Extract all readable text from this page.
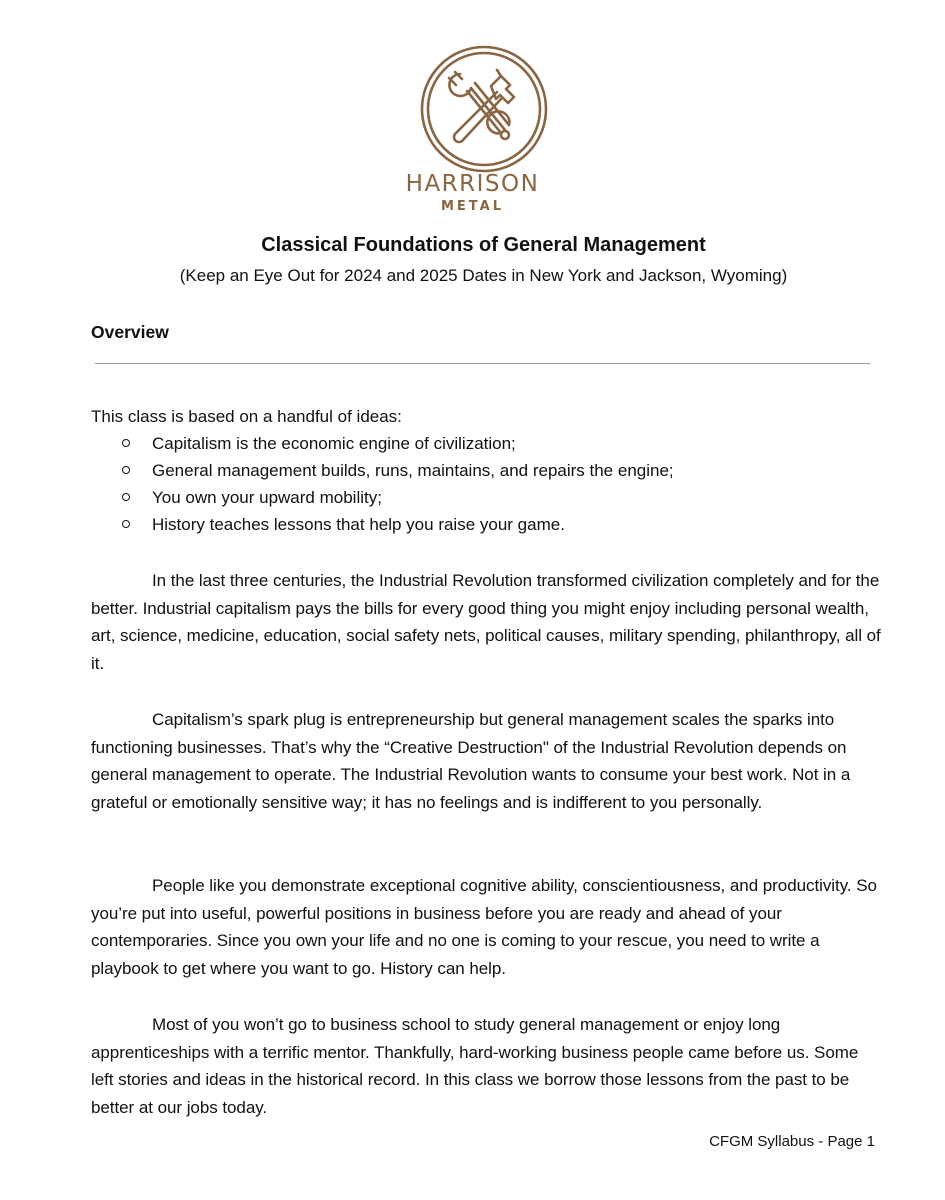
HARRISON
METAL
Classical Foundations of General Management
(Keep an Eye Out for 2024 and 2025 Dates in New York and Jackson, Wyoming)
Overview
This class is based on a handful of ideas:
Capitalism is the economic engine of civilization;
General management builds, runs, maintains, and repairs the engine;
You own your upward mobility;
History teaches lessons that help you raise your game.

In the last three centuries, the Industrial Revolution transformed civilization completely and for the better. Industrial capitalism pays the bills for every good thing you might enjoy including personal wealth, art, science, medicine, education, social safety nets, political causes, military spending, philanthropy, all of it.

Capitalism’s spark plug is entrepreneurship but general management scales the sparks into functioning businesses. That’s why the “Creative Destruction" of the Industrial Revolution depends on general management to operate. The Industrial Revolution wants to consume your best work. Not in a grateful or emotionally sensitive way; it has no feelings and is indifferent to you personally.

People like you demonstrate exceptional cognitive ability, conscientiousness, and productivity. So you’re put into useful, powerful positions in business before you are ready and ahead of your contemporaries. Since you own your life and no one is coming to your rescue, you need to write a playbook to get where you want to go. History can help.

Most of you won’t go to business school to study general management or enjoy long apprenticeships with a terrific mentor. Thankfully, hard-working business people came before us. Some left stories and ideas in the historical record. In this class we borrow those lessons from the past to be better at our jobs today.

CFGM Syllabus - Page 1
